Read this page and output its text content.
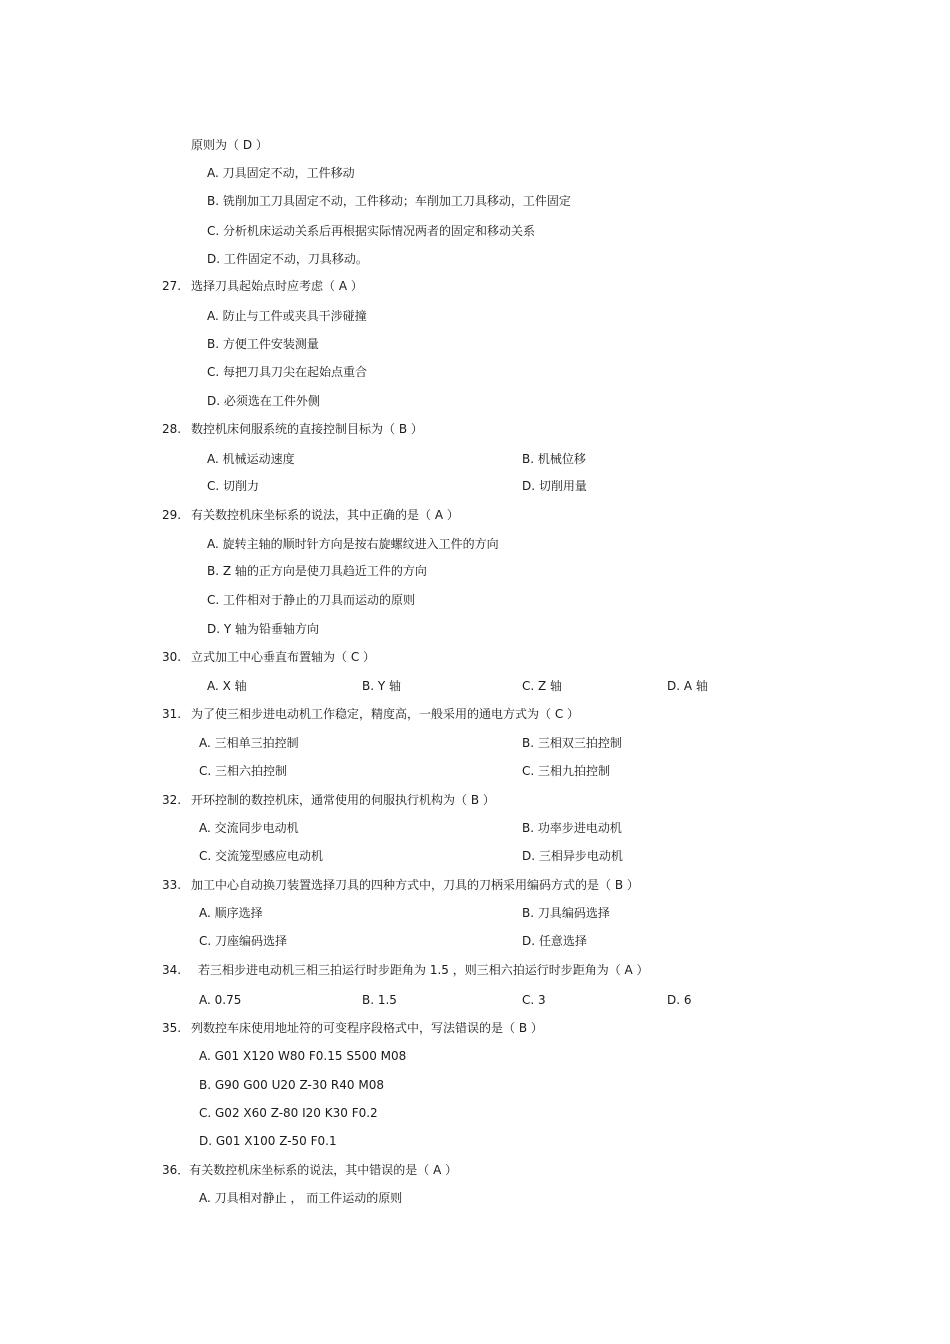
原则为（ D ）
A. 刀具固定不动，工件移动
B. 铣削加工刀具固定不动，工件移动；车削加工刀具移动，工件固定
C. 分析机床运动关系后再根据实际情况两者的固定和移动关系
D. 工件固定不动，刀具移动。
27. 选择刀具起始点时应考虑（ A ）
A. 防止与工件或夹具干涉碰撞
B. 方便工件安装测量
C. 每把刀具刀尖在起始点重合
D. 必须选在工件外侧
28. 数控机床伺服系统的直接控制目标为（ B ）
A. 机械运动速度	B. 机械位移
C. 切削力	D. 切削用量
29. 有关数控机床坐标系的说法，其中正确的是（ A ）
A. 旋转主轴的顺时针方向是按右旋螺纹进入工件的方向
B. Z 轴的正方向是使刀具趋近工件的方向
C. 工件相对于静止的刀具而运动的原则
D. Y 轴为铅垂轴方向
30. 立式加工中心垂直布置轴为（ C ）
A. X 轴	B. Y 轴	C. Z 轴	D. A 轴
31. 为了使三相步进电动机工作稳定，精度高，一般采用的通电方式为（ C ）
A. 三相单三拍控制	B. 三相双三拍控制
C. 三相六拍控制	C. 三相九拍控制
32. 开环控制的数控机床，通常使用的伺服执行机构为（ B ）
A. 交流同步电动机	B. 功率步进电动机
C. 交流笼型感应电动机	D. 三相异步电动机
33. 加工中心自动换刀装置选择刀具的四种方式中，刀具的刀柄采用编码方式的是（ B ）
A. 顺序选择	B. 刀具编码选择
C. 刀座编码选择	D. 任意选择
34. 若三相步进电动机三相三拍运行时步距角为 1.5 ，则三相六拍运行时步距角为（ A ）
A. 0.75	B. 1.5	C. 3	D. 6
35. 列数控车床使用地址符的可变程序段格式中，写法错误的是（ B ）
A. G01 X120 W80 F0.15 S500 M08
B. G90 G00 U20 Z-30 R40 M08
C. G02 X60 Z-80 I20 K30 F0.2
D. G01 X100 Z-50 F0.1
36．有关数控机床坐标系的说法，其中错误的是（ A ）
A. 刀具相对静止 ， 而工件运动的原则
